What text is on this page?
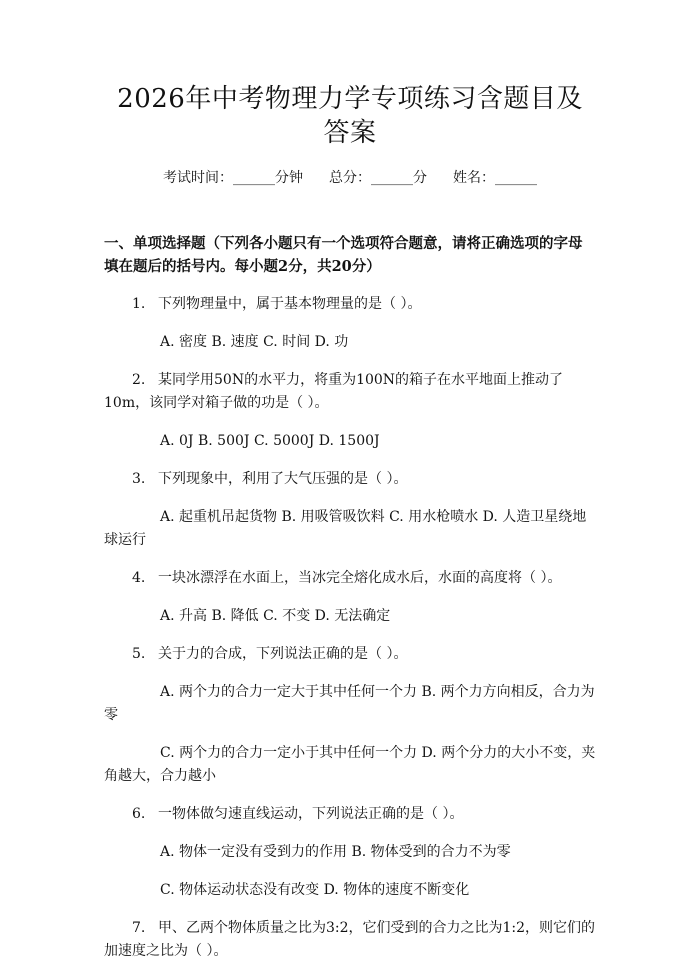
2026年中考物理力学专项练习含题目及答案
考试时间：______分钟 总分：______分 姓名：______
一、单项选择题（下列各小题只有一个选项符合题意，请将正确选项的字母填在题后的括号内。每小题2分，共20分）
1. 下列物理量中，属于基本物理量的是（ ）。
A. 密度 B. 速度 C. 时间 D. 功
2. 某同学用50N的水平力，将重为100N的箱子在水平地面上推动了10m，该同学对箱子做的功是（ ）。
A. 0J B. 500J C. 5000J D. 1500J
3. 下列现象中，利用了大气压强的是（ ）。
A. 起重机吊起货物 B. 用吸管吸饮料 C. 用水枪喷水 D. 人造卫星绕地球运行
4. 一块冰漂浮在水面上，当冰完全熔化成水后，水面的高度将（ ）。
A. 升高 B. 降低 C. 不变 D. 无法确定
5. 关于力的合成，下列说法正确的是（ ）。
A. 两个力的合力一定大于其中任何一个力 B. 两个力方向相反，合力为零
C. 两个力的合力一定小于其中任何一个力 D. 两个分力的大小不变，夹角越大，合力越小
6. 一物体做匀速直线运动，下列说法正确的是（ ）。
A. 物体一定没有受到力的作用 B. 物体受到的合力不为零
C. 物体运动状态没有改变 D. 物体的速度不断变化
7. 甲、乙两个物体质量之比为3:2，它们受到的合力之比为1:2，则它们的加速度之比为（ ）。
